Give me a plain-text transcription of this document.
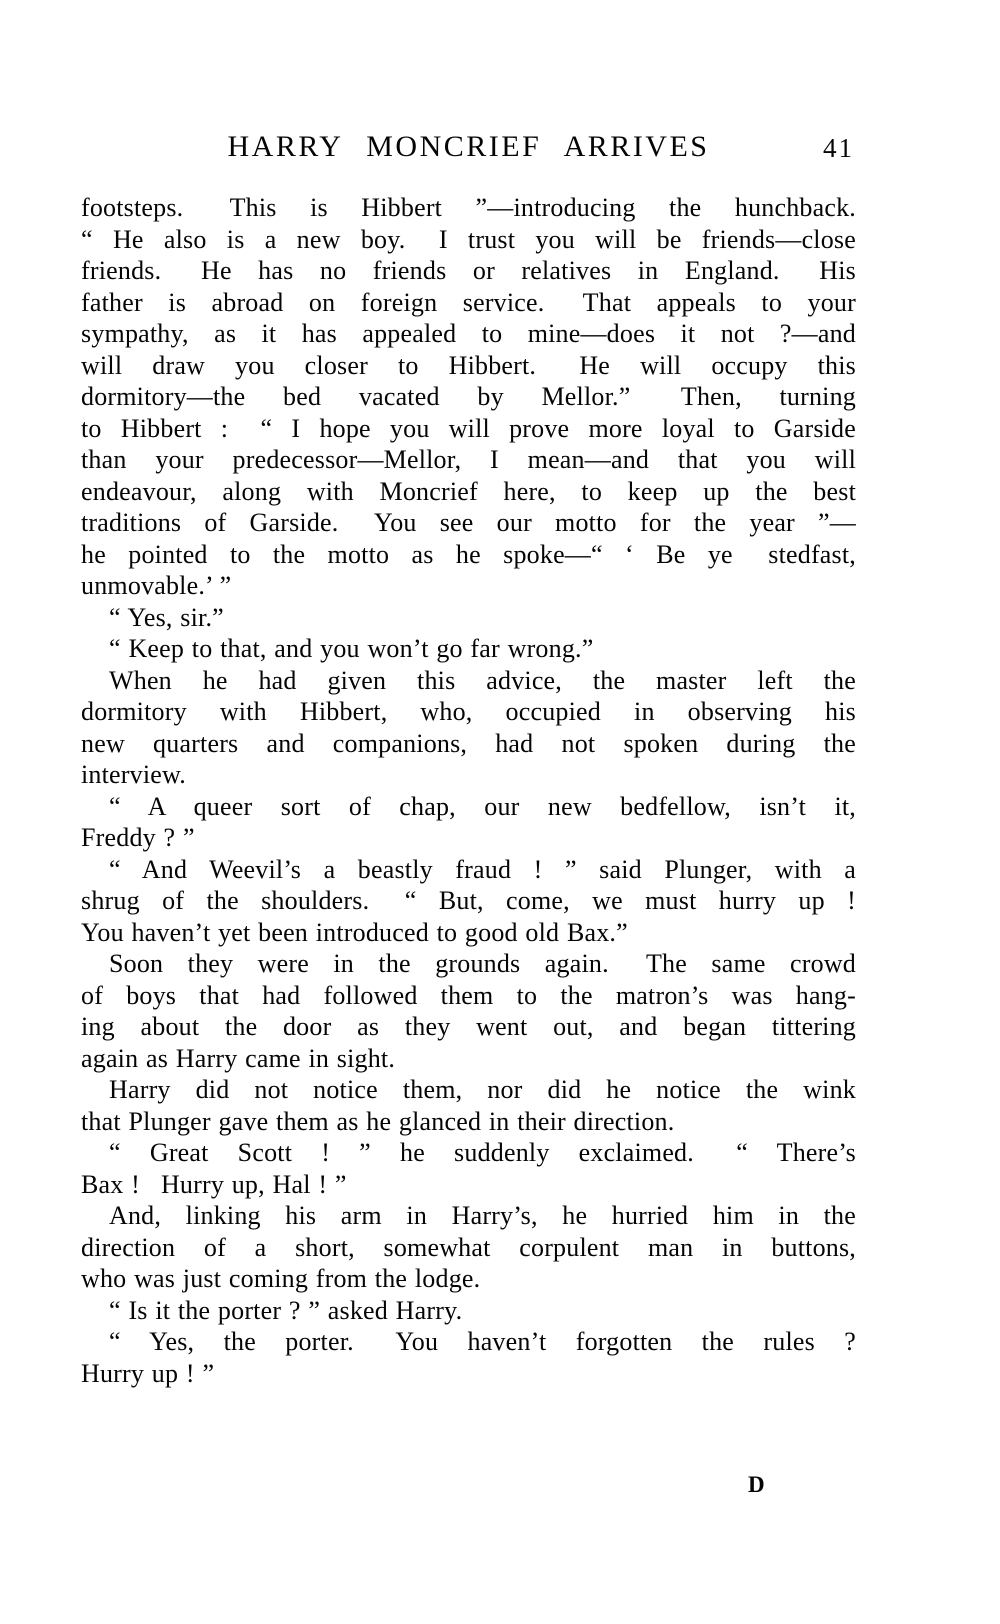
HARRY MONCRIEF ARRIVES	41
footsteps.  This is Hibbert ”—introducing the hunchback.
“ He also is a new boy.  I trust you will be friends—close
friends.  He has no friends or relatives in England.  His
father is abroad on foreign service.  That appeals to your
sympathy, as it has appealed to mine—does it not ?—and
will draw you closer to Hibbert.  He will occupy this
dormitory—the bed vacated by Mellor.”  Then, turning
to Hibbert :  “ I hope you will prove more loyal to Garside
than your predecessor—Mellor, I mean—and that you will
endeavour, along with Moncrief here, to keep up the best
traditions of Garside.  You see our motto for the year ”—
he pointed to the motto as he spoke—“ ‘ Be ye  stedfast,
unmovable.’ ”
“ Yes, sir.”
“ Keep to that, and you won’t go far wrong.”
When he had given this advice, the master left the
dormitory with Hibbert, who, occupied in observing his
new quarters and companions, had not spoken during the
interview.
“ A queer sort of chap, our new bedfellow, isn’t it,
Freddy ? ”
“ And Weevil’s a beastly fraud ! ” said Plunger, with a
shrug of the shoulders.  “ But, come, we must hurry up !
You haven’t yet been introduced to good old Bax.”
Soon they were in the grounds again.  The same crowd
of boys that had followed them to the matron’s was hang-
ing about the door as they went out, and began tittering
again as Harry came in sight.
Harry did not notice them, nor did he notice the wink
that Plunger gave them as he glanced in their direction.
“ Great Scott ! ” he suddenly exclaimed.  “ There’s
Bax !  Hurry up, Hal ! ”
And, linking his arm in Harry’s, he hurried him in the
direction of a short, somewhat corpulent man in buttons,
who was just coming from the lodge.
“ Is it the porter ? ” asked Harry.
“ Yes, the porter.  You haven’t forgotten the rules ?
Hurry up ! ”
D
